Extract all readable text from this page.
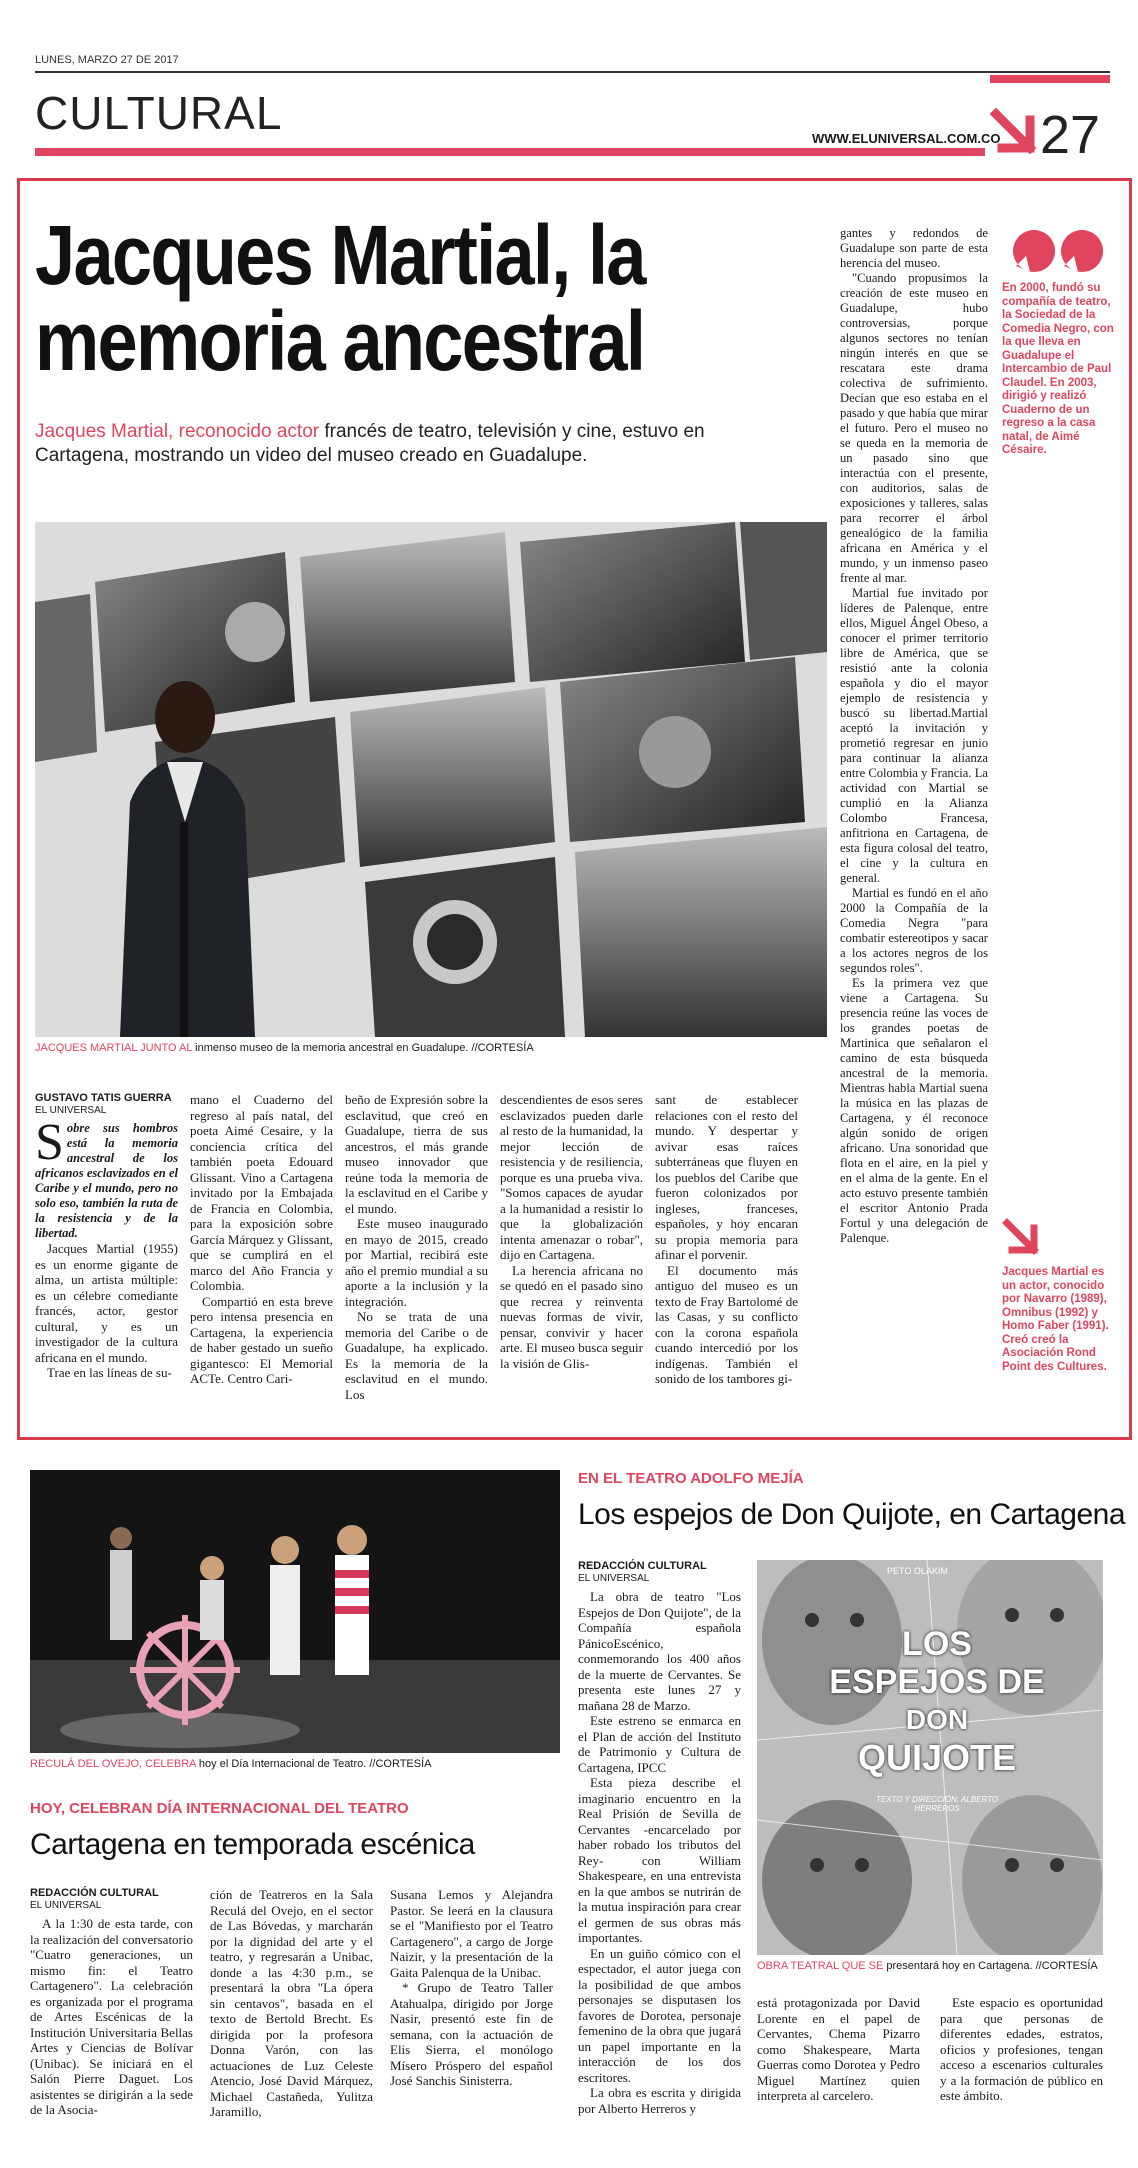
LUNES, MARZO 27 DE 2017
CULTURAL	WWW.ELUNIVERSAL.COM.CO 27
Jacques Martial, la
memoria ancestral
Jacques Martial, reconocido actor francés de teatro, televisión y cine, estuvo en Cartagena, mostrando un video del museo creado en Guadalupe.
JACQUES MARTIAL JUNTO AL inmenso museo de la memoria ancestral en Guadalupe. //CORTESÍA
GUSTAVO TATIS GUERRA
EL UNIVERSAL
Sobre sus hombros está la memoria ancestral de los africanos esclavizados en el Caribe y el mundo, pero no solo eso, también la ruta de la resistencia y de la libertad.

Jacques Martial (1955) es un enorme gigante de alma, un artista múltiple: es un célebre comediante francés, actor, gestor cultural, y es un investigador de la cultura africana en el mundo.

Trae en las líneas de su-

mano el Cuaderno del regreso al país natal, del poeta Aimé Cesaire, y la conciencia crítica del también poeta Edouard Glissant. Vino a Cartagena invitado por la Embajada de Francia en Colombia, para la exposición sobre García Márquez y Glissant, que se cumplirá en el marco del Año Francia y Colombia.

Compartió en esta breve pero intensa presencia en Cartagena, la experiencia de haber gestado un sueño gigantesco: El Memorial ACTe. Centro Cari-

beño de Expresión sobre la esclavitud, que creó en Guadalupe, tierra de sus ancestros, el más grande museo innovador que reúne toda la memoria de la esclavitud en el Caribe y el mundo.

Este museo inaugurado en mayo de 2015, creado por Martial, recibirá este año el premio mundial a su aporte a la inclusión y la integración.

No se trata de una memoria del Caribe o de Guadalupe, ha explicado. Es la memoria de la esclavitud en el mundo. Los

descendientes de esos seres esclavizados pueden darle al resto de la humanidad, la mejor lección de resistencia y de resiliencia, porque es una prueba viva. "Somos capaces de ayudar a la humanidad a resistir lo que la globalización intenta amenazar o robar", dijo en Cartagena.

La herencia africana no se quedó en el pasado sino que recrea y reinventa nuevas formas de vivir, pensar, convivir y hacer arte. El museo busca seguir la visión de Glis-

sant de establecer relaciones con el resto del mundo. Y despertar y avivar esas raíces subterráneas que fluyen en los pueblos del Caribe que fueron colonizados por ingleses, franceses, españoles, y hoy encaran su propia memoria para afinar el porvenir.

El documento más antiguo del museo es un texto de Fray Bartolomé de las Casas, y su conflicto con la corona española cuando intercedió por los indígenas. También el sonido de los tambores gi-

gantes y redondos de Guadalupe son parte de esta herencia del museo.

"Cuando propusimos la creación de este museo en Guadalupe, hubo controversias, porque algunos sectores no tenían ningún interés en que se rescatara este drama colectiva de sufrimiento. Decían que eso estaba en el pasado y que había que mirar el futuro. Pero el museo no se queda en la memoria de un pasado sino que interactúa con el presente, con auditorios, salas de exposiciones y talleres, salas para recorrer el árbol genealógico de la familia africana en América y el mundo, y un inmenso paseo frente al mar.

Martial fue invitado por líderes de Palenque, entre ellos, Miguel Ángel Obeso, a conocer el primer territorio libre de América, que se resistió ante la colonia española y dio el mayor ejemplo de resistencia y buscó su libertad.Martial aceptó la invitación y prometió regresar en junio para continuar la alianza entre Colombia y Francia. La actividad con Martial se cumplió en la Alianza Colombo Francesa, anfitriona en Cartagena, de esta figura colosal del teatro, el cine y la cultura en general.

Martial es fundó en el año 2000 la Compañía de la Comedia Negra "para combatir estereotipos y sacar a los actores negros de los segundos roles".

Es la primera vez que viene a Cartagena. Su presencia reúne las voces de los grandes poetas de Martinica que señalaron el camino de esta búsqueda ancestral de la memoria. Mientras habla Martial suena la música en las plazas de Cartagena, y él reconoce algún sonido de origen africano. Una sonoridad que flota en el aire, en la piel y en el alma de la gente. En el acto estuvo presente también el escritor Antonio Prada Fortul y una delegación de Palenque.

En 2000, fundó su compañía de teatro, la Sociedad de la Comedia Negro, con la que lleva en Guadalupe el Intercambio de Paul Claudel. En 2003, dirigió y realizó Cuaderno de un regreso a la casa natal, de Aimé Césaire.
Jacques Martial es un actor, conocido por Navarro (1989), Omnibus (1992) y Homo Faber (1991). Creó creó la Asociación Rond Point des Cultures.
RECULÁ DEL OVEJO, CELEBRA hoy el Día Internacional de Teatro. //CORTESÍA
HOY, CELEBRAN DÍA INTERNACIONAL DEL TEATRO
Cartagena en temporada escénica
REDACCIÓN CULTURAL
EL UNIVERSAL

A la 1:30 de esta tarde, con la realización del conversatorio "Cuatro generaciones, un mismo fin: el Teatro Cartagenero". La celebración es organizada por el programa de Artes Escénicas de la Institución Universitaria Bellas Artes y Ciencias de Bolívar (Unibac). Se iniciará en el Salón Pierre Daguet. Los asistentes se dirigirán a la sede de la Asocia-

ción de Teatreros en la Sala Reculá del Ovejo, en el sector de Las Bóvedas, y marcharán por la dignidad del arte y el teatro, y regresarán a Unibac, donde a las 4:30 p.m., se presentará la obra "La ópera sin centavos", basada en el texto de Bertold Brecht. Es dirigida por la profesora Donna Varón, con las actuaciones de Luz Celeste Atencio, José David Márquez, Michael Castañeda, Yulitza Jaramillo,

Susana Lemos y Alejandra Pastor. Se leerá en la clausura se el "Manifiesto por el Teatro Cartagenero", a cargo de Jorge Naizir, y la presentación de la Gaita Palenqua de la Unibac.

* Grupo de Teatro Taller Atahualpa, dirigido por Jorge Nasir, presentó este fin de semana, con la actuación de Elis Sierra, el monólogo Mísero Próspero del español José Sanchis Sinisterra.

EN EL TEATRO ADOLFO MEJÍA
Los espejos de Don Quijote, en Cartagena
REDACCIÓN CULTURAL
EL UNIVERSAL

La obra de teatro "Los Espejos de Don Quijote", de la Compañía española PánicoEscénico, conmemorando los 400 años de la muerte de Cervantes. Se presenta este lunes 27 y mañana 28 de Marzo.

Este estreno se enmarca en el Plan de acción del Instituto de Patrimonio y Cultura de Cartagena, IPCC

Esta pieza describe el imaginario encuentro en la Real Prisión de Sevilla de Cervantes -encarcelado por haber robado los tributos del Rey- con William Shakespeare, en una entrevista en la que ambos se nutrirán de la mutua inspiración para crear el germen de sus obras más importantes.

En un guiño cómico con el espectador, el autor juega con la posibilidad de que ambos personajes se disputasen los favores de Dorotea, personaje femenino de la obra que jugará un papel importante en la interacción de los dos escritores.

La obra es escrita y dirigida por Alberto Herreros y

PETO OLAKIM
LOS
ESPEJOS DE
DON
QUIJOTE
TEXTO Y DIRECCIÓN: ALBERTO HERREROS
OBRA TEATRAL QUE SE presentará hoy en Cartagena. //CORTESÍA

está protagonizada por David Lorente en el papel de Cervantes, Chema Pizarro como Shakespeare, Marta Guerras como Dorotea y Pedro Miguel Martínez quien interpreta al carcelero.

Este espacio es oportunidad para que personas de diferentes edades, estratos, oficios y profesiones, tengan acceso a escenarios culturales y a la formación de público en este ámbito.
